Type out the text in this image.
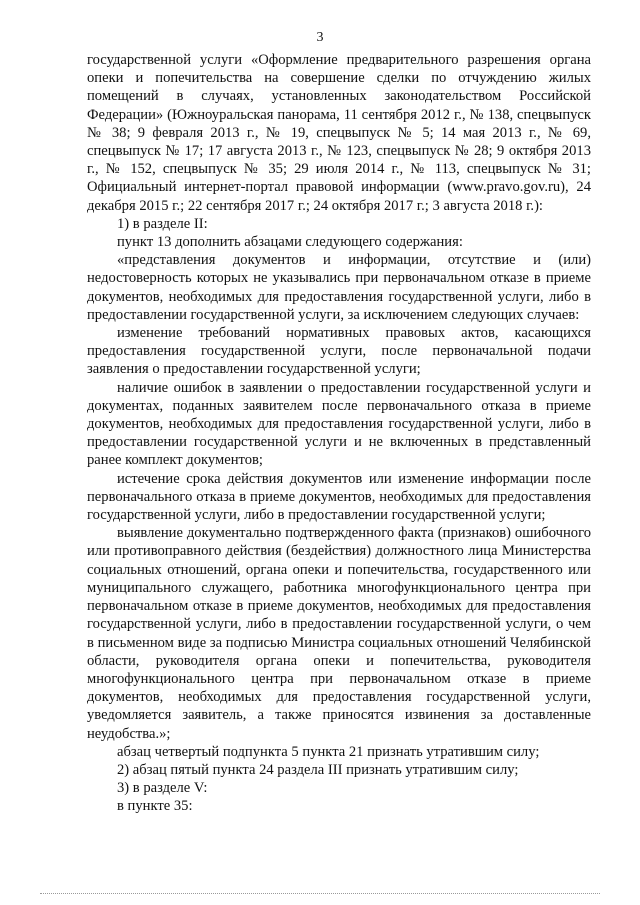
3

государственной услуги «Оформление предварительного разрешения органа опеки и попечительства на совершение сделки по отчуждению жилых помещений в случаях, установленных законодательством Российской Федерации» (Южноуральская панорама, 11 сентября 2012 г., № 138, спецвыпуск № 38; 9 февраля 2013 г., № 19, спецвыпуск № 5; 14 мая 2013 г., № 69, спецвыпуск № 17; 17 августа 2013 г., № 123, спецвыпуск № 28; 9 октября 2013 г., № 152, спецвыпуск № 35; 29 июля 2014 г., № 113, спецвыпуск № 31; Официальный интернет-портал правовой информации (www.pravo.gov.ru), 24 декабря 2015 г.; 22 сентября 2017 г.; 24 октября 2017 г.; 3 августа 2018 г.):

1) в разделе II:

пункт 13 дополнить абзацами следующего содержания:

«представления документов и информации, отсутствие и (или) недостоверность которых не указывались при первоначальном отказе в приеме документов, необходимых для предоставления государственной услуги, либо в предоставлении государственной услуги, за исключением следующих случаев:

изменение требований нормативных правовых актов, касающихся предоставления государственной услуги, после первоначальной подачи заявления о предоставлении государственной услуги;

наличие ошибок в заявлении о предоставлении государственной услуги и документах, поданных заявителем после первоначального отказа в приеме документов, необходимых для предоставления государственной услуги, либо в предоставлении государственной услуги и не включенных в представленный ранее комплект документов;

истечение срока действия документов или изменение информации после первоначального отказа в приеме документов, необходимых для предоставления государственной услуги, либо в предоставлении государственной услуги;

выявление документально подтвержденного факта (признаков) ошибочного или противоправного действия (бездействия) должностного лица Министерства социальных отношений, органа опеки и попечительства, государственного или муниципального служащего, работника многофункционального центра при первоначальном отказе в приеме документов, необходимых для предоставления государственной услуги, либо в предоставлении государственной услуги, о чем в письменном виде за подписью Министра социальных отношений Челябинской области, руководителя органа опеки и попечительства, руководителя многофункционального центра при первоначальном отказе в приеме документов, необходимых для предоставления государственной услуги, уведомляется заявитель, а также приносятся извинения за доставленные неудобства.»;

абзац четвертый подпункта 5 пункта 21 признать утратившим силу;

2) абзац пятый пункта 24 раздела III признать утратившим силу;

3) в разделе V:

в пункте 35:
